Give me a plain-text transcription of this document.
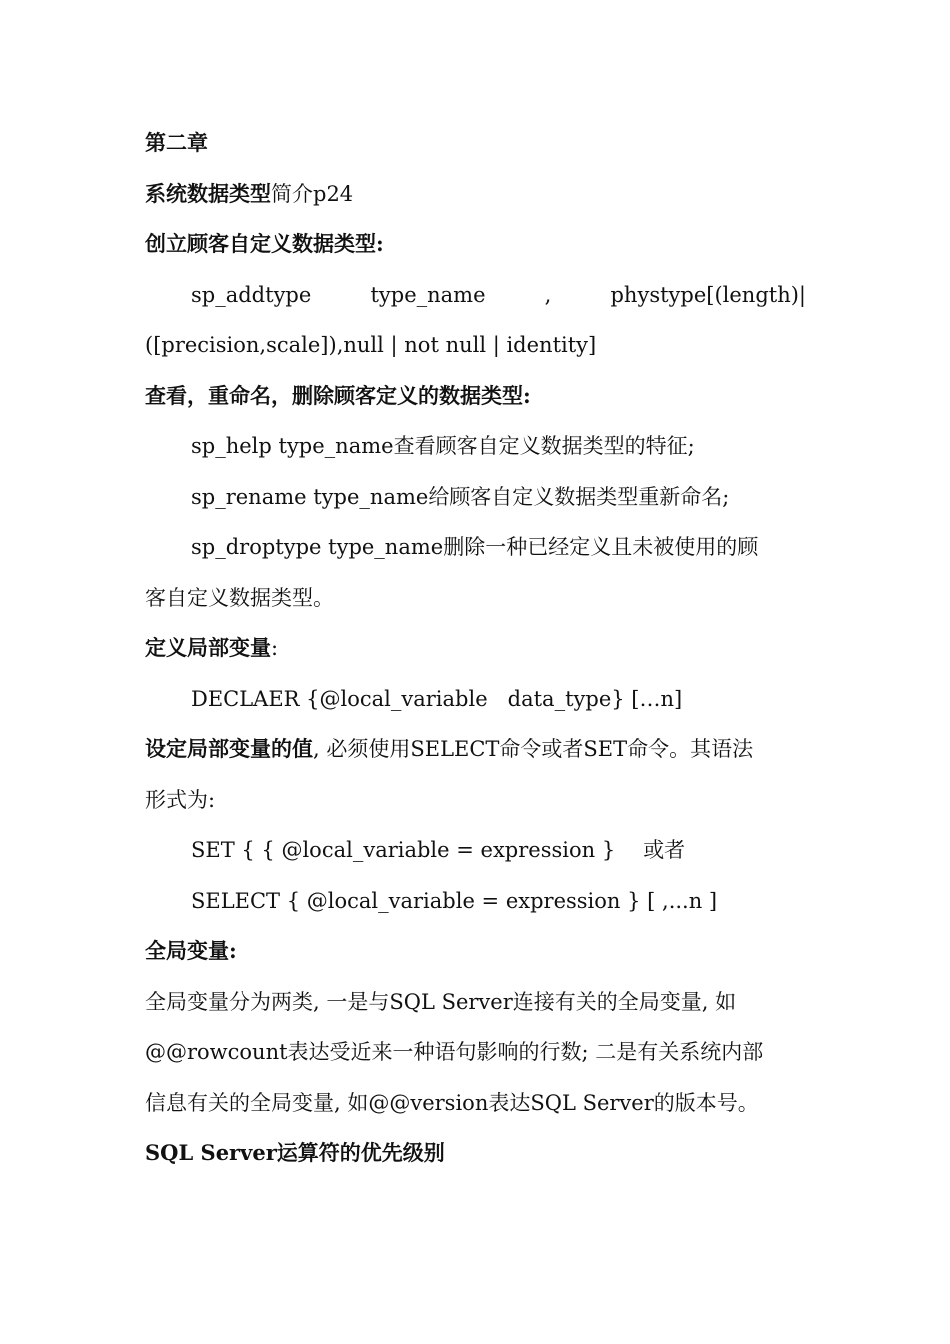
第二章
系统数据类型简介p24
创立顾客自定义数据类型:
sp_addtype	type_name	,	phystype[(length)|
([precision,scale]),null | not null | identity]
查看，重命名，删除顾客定义的数据类型:
sp_help type_name查看顾客自定义数据类型的特征;
sp_rename type_name给顾客自定义数据类型重新命名;
sp_droptype type_name删除一种已经定义且未被使用的顾
客自定义数据类型。
定义局部变量:
DECLAER {@local_variable   data_type} […n]
设定局部变量的值, 必须使用SELECT命令或者SET命令。其语法
形式为:
SET { { @local_variable = expression } 或者
SELECT { @local_variable = expression } [ ,...n ]
全局变量:
全局变量分为两类, 一是与SQL Server连接有关的全局变量, 如
@@rowcount表达受近来一种语句影响的行数; 二是有关系统内部
信息有关的全局变量, 如@@version表达SQL Server的版本号。
SQL Server运算符的优先级别
